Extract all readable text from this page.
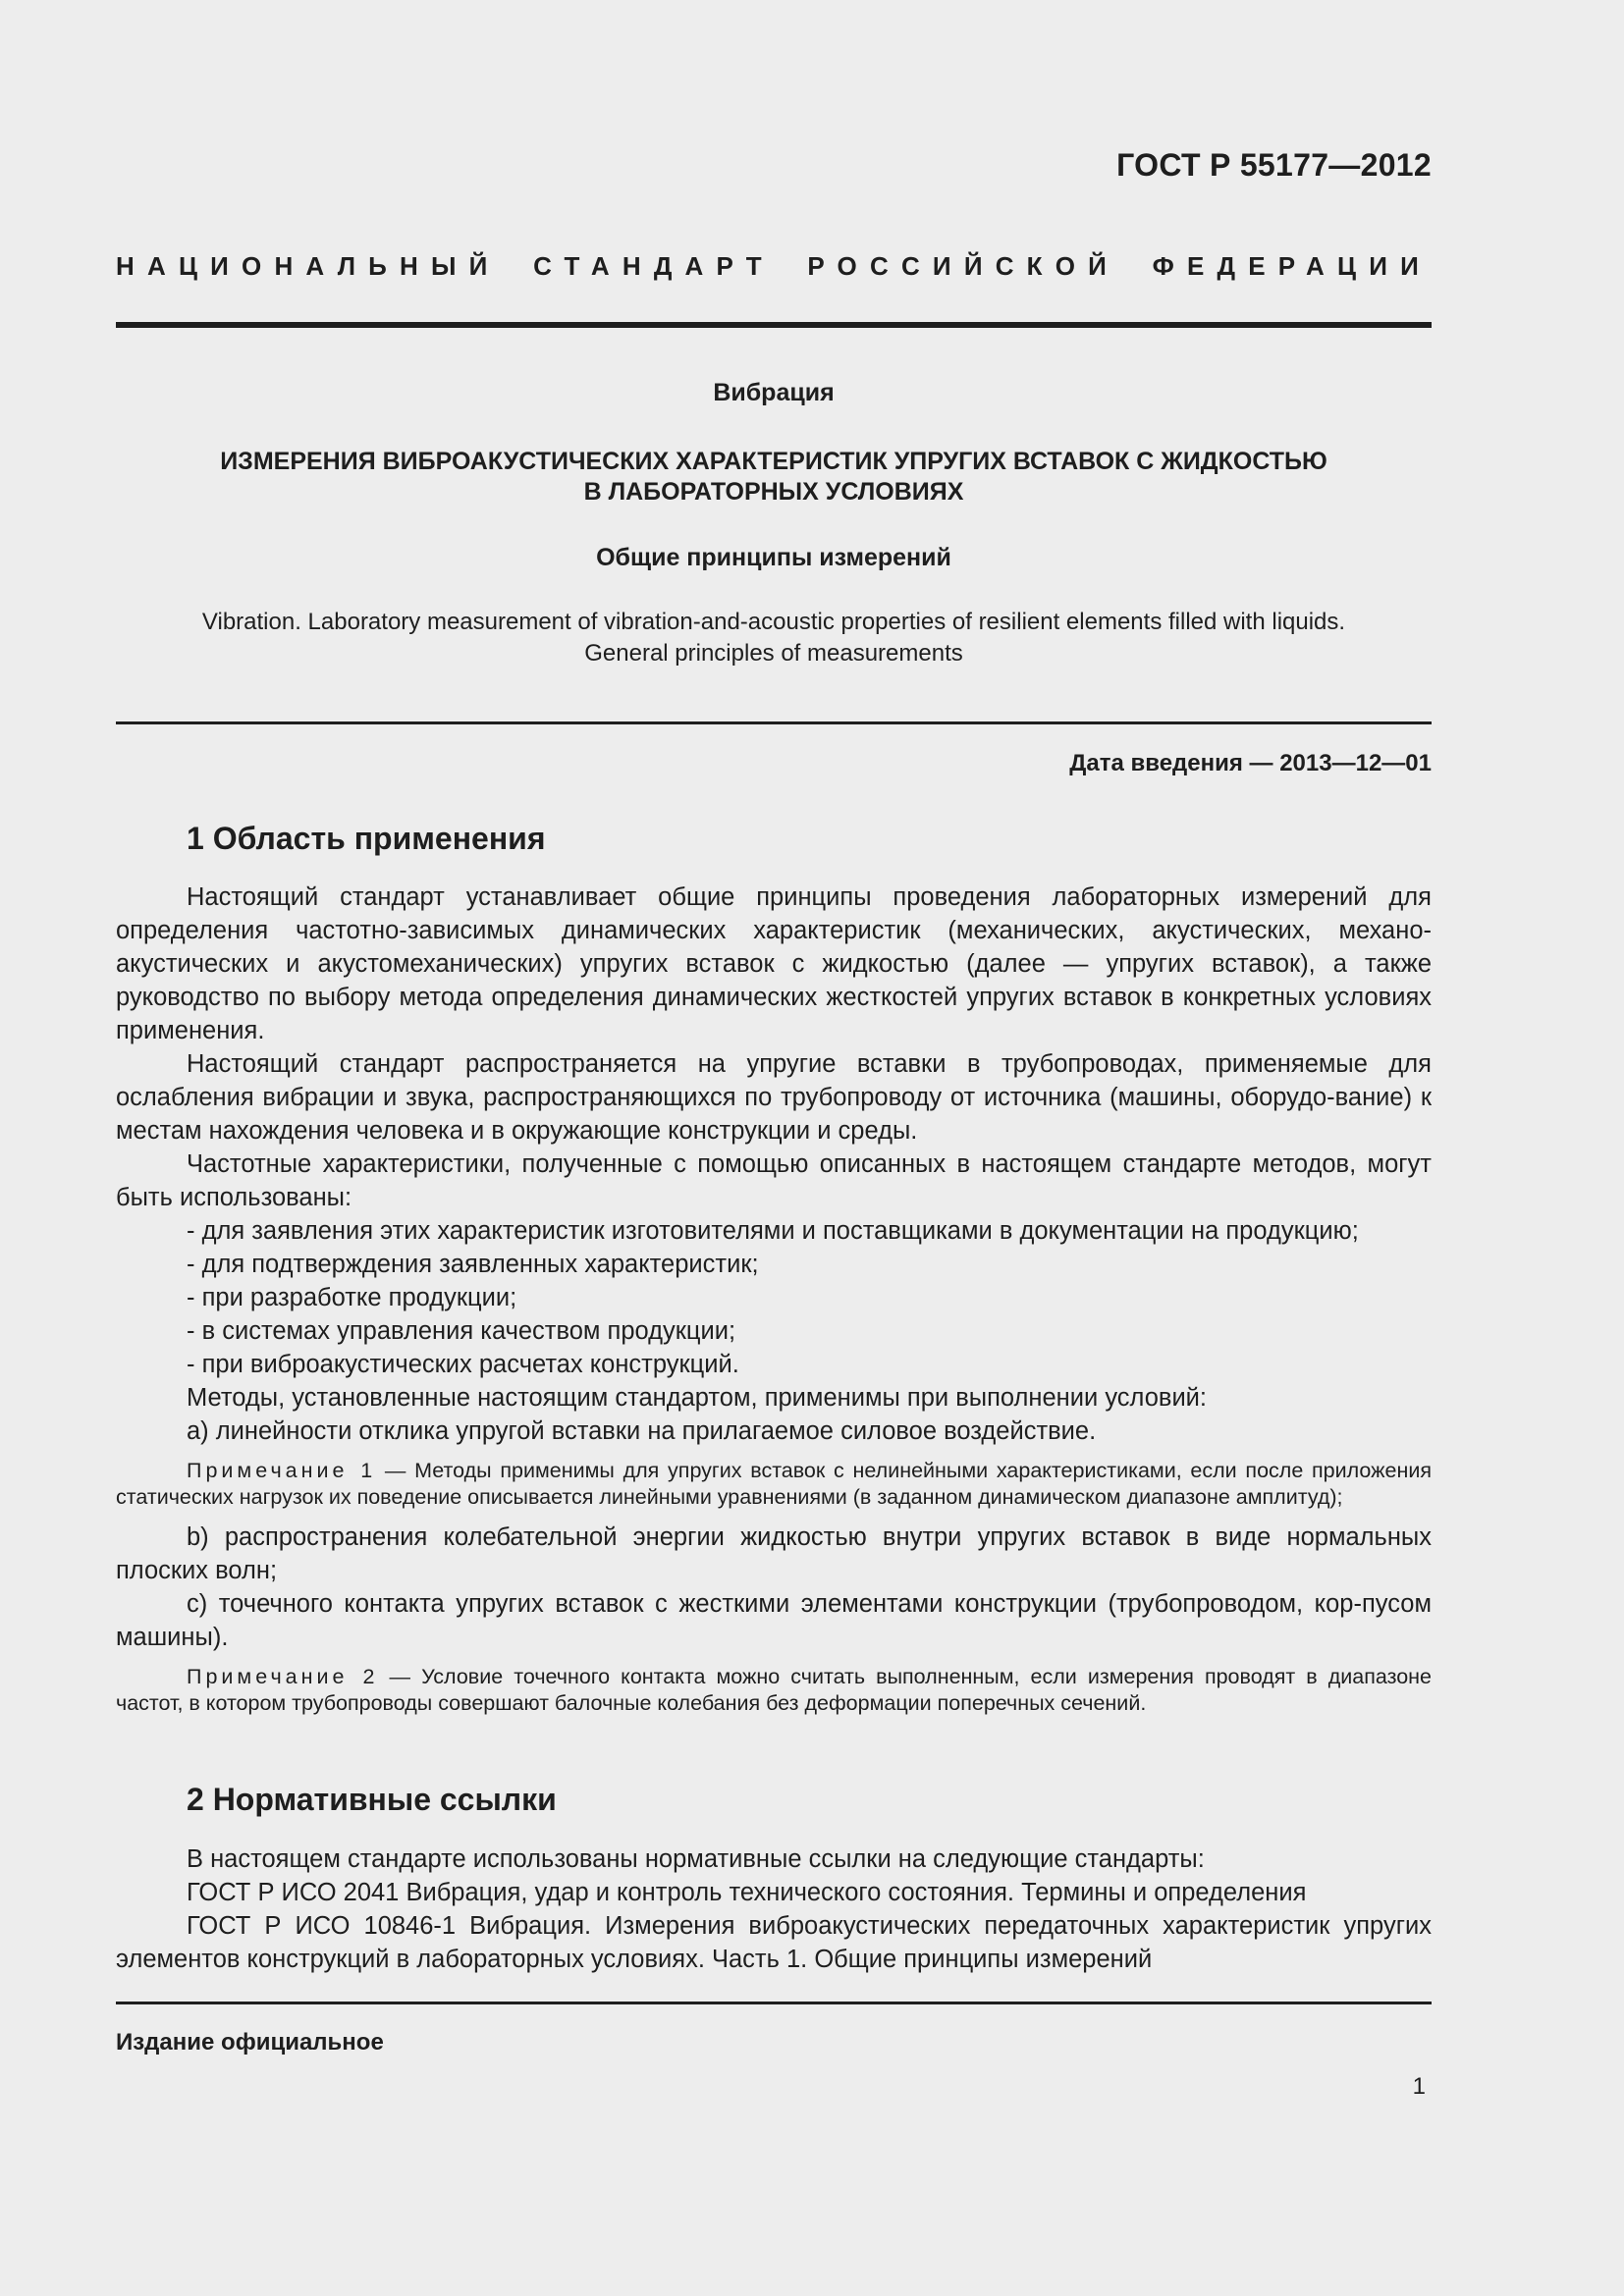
ГОСТ Р 55177—2012
НАЦИОНАЛЬНЫЙ СТАНДАРТ РОССИЙСКОЙ ФЕДЕРАЦИИ
Вибрация
ИЗМЕРЕНИЯ ВИБРОАКУСТИЧЕСКИХ ХАРАКТЕРИСТИК УПРУГИХ ВСТАВОК С ЖИДКОСТЬЮ
В ЛАБОРАТОРНЫХ УСЛОВИЯХ
Общие принципы измерений
Vibration. Laboratory measurement of vibration-and-acoustic properties of resilient elements filled with liquids.
General principles of measurements
Дата введения — 2013—12—01
1 Область применения

Настоящий стандарт устанавливает общие принципы проведения лабораторных измерений для определения частотно-зависимых динамических характеристик (механических, акустических, механо-акустических и акустомеханических) упругих вставок с жидкостью (далее — упругих вставок), а также руководство по выбору метода определения динамических жесткостей упругих вставок в конкретных условиях применения.

Настоящий стандарт распространяется на упругие вставки в трубопроводах, применяемые для ослабления вибрации и звука, распространяющихся по трубопроводу от источника (машины, оборудо-вание) к местам нахождения человека и в окружающие конструкции и среды.

Частотные характеристики, полученные с помощью описанных в настоящем стандарте методов, могут быть использованы:

- для заявления этих характеристик изготовителями и поставщиками в документации на продукцию;

- для подтверждения заявленных характеристик;

- при разработке продукции;

- в системах управления качеством продукции;

- при виброакустических расчетах конструкций.

Методы, установленные настоящим стандартом, применимы при выполнении условий:

a) линейности отклика упругой вставки на прилагаемое силовое воздействие.

Примечание 1 — Методы применимы для упругих вставок с нелинейными характеристиками, если после приложения статических нагрузок их поведение описывается линейными уравнениями (в заданном динамическом диапазоне амплитуд);

b) распространения колебательной энергии жидкостью внутри упругих вставок в виде нормальных плоских волн;

c) точечного контакта упругих вставок с жесткими элементами конструкции (трубопроводом, кор-пусом машины).

Примечание 2 — Условие точечного контакта можно считать выполненным, если измерения проводят в диапазоне частот, в котором трубопроводы совершают балочные колебания без деформации поперечных сечений.

2 Нормативные ссылки

В настоящем стандарте использованы нормативные ссылки на следующие стандарты:

ГОСТ Р ИСО 2041 Вибрация, удар и контроль технического состояния. Термины и определения

ГОСТ Р ИСО 10846-1 Вибрация. Измерения виброакустических передаточных характеристик упругих элементов конструкций в лабораторных условиях. Часть 1. Общие принципы измерений

Издание официальное
1
